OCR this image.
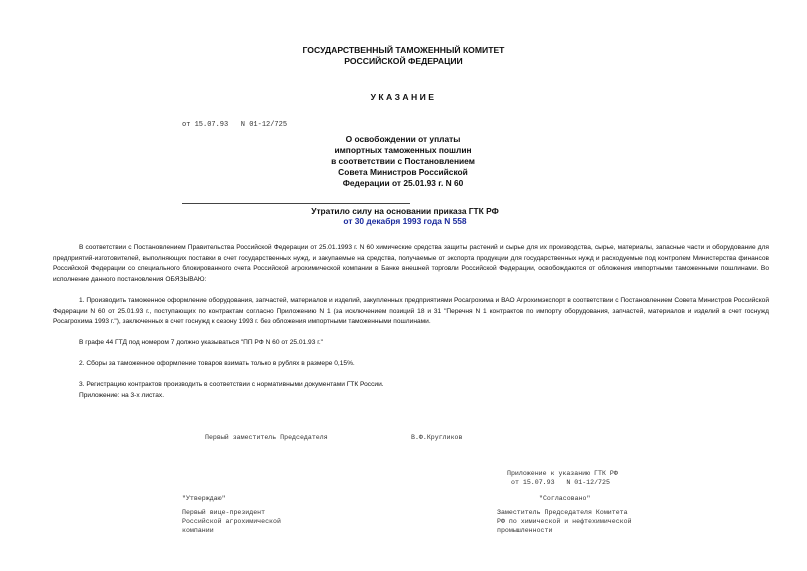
ГОСУДАРСТВЕННЫЙ ТАМОЖЕННЫЙ КОМИТЕТ
РОССИЙСКОЙ ФЕДЕРАЦИИ
УКАЗАНИЕ
от 15.07.93   N 01-12/725
О освобождении от уплаты
импортных таможенных пошлин
в соответствии с Постановлением
Совета Министров Российской
Федерации от 25.01.93 г. N 60
Утратило силу на основании приказа ГТК РФ
от 30 декабря 1993 года N 558
В соответствии с Постановлением Правительства Российской Федерации от 25.01.1993 г. N 60 химические средства защиты растений и сырье для их производства, сырье, материалы, запасные части и оборудование для предприятий-изготовителей, выполняющих поставки в счет государственных нужд, и закупаемые на средства, получаемые от экспорта продукции для государственных нужд и расходуемые под контролем Министерства финансов Российской Федерации со специального блокированного счета Российской агрохимической компании в Банке внешней торговли Российской Федерации, освобождаются от обложения импортными таможенными пошлинами. Во исполнение данного постановления ОБЯЗЫВАЮ:
1. Производить таможенное оформление оборудования, запчастей, материалов и изделий, закупленных предприятиями Росагрохима и ВАО Агрохимэкспорт в соответствии с Постановлением Совета Министров Российской Федерации N 60 от 25.01.93 г., поступающих по контрактам согласно Приложению N 1 (за исключением позиций 18 и 31 "Перечня N 1 контрактов по импорту оборудования, запчастей, материалов и изделий в счет госнужд Росагрохима 1993 г."), заключенных в счет госнужд к сезону 1993 г. без обложения импортными таможенными пошлинами.
В графе 44 ГТД под номером 7 должно указываться "ПП РФ N 60 от 25.01.93 г."
2. Сборы за таможенное оформление товаров взимать только в рублях в размере 0,15%.
3. Регистрацию контрактов производить в соответствии с нормативными документами ГТК России.
Приложение: на 3-х листах.
Первый заместитель Председателя	В.Ф.Кругликов
Приложение к указанию ГТК РФ
от 15.07.93   N 01-12/725
"Утверждаю"	"Согласовано"
Первый вице-президент
Российской агрохимической
компании
Заместитель Председателя Комитета
РФ по химической и нефтехимической
промышленности
